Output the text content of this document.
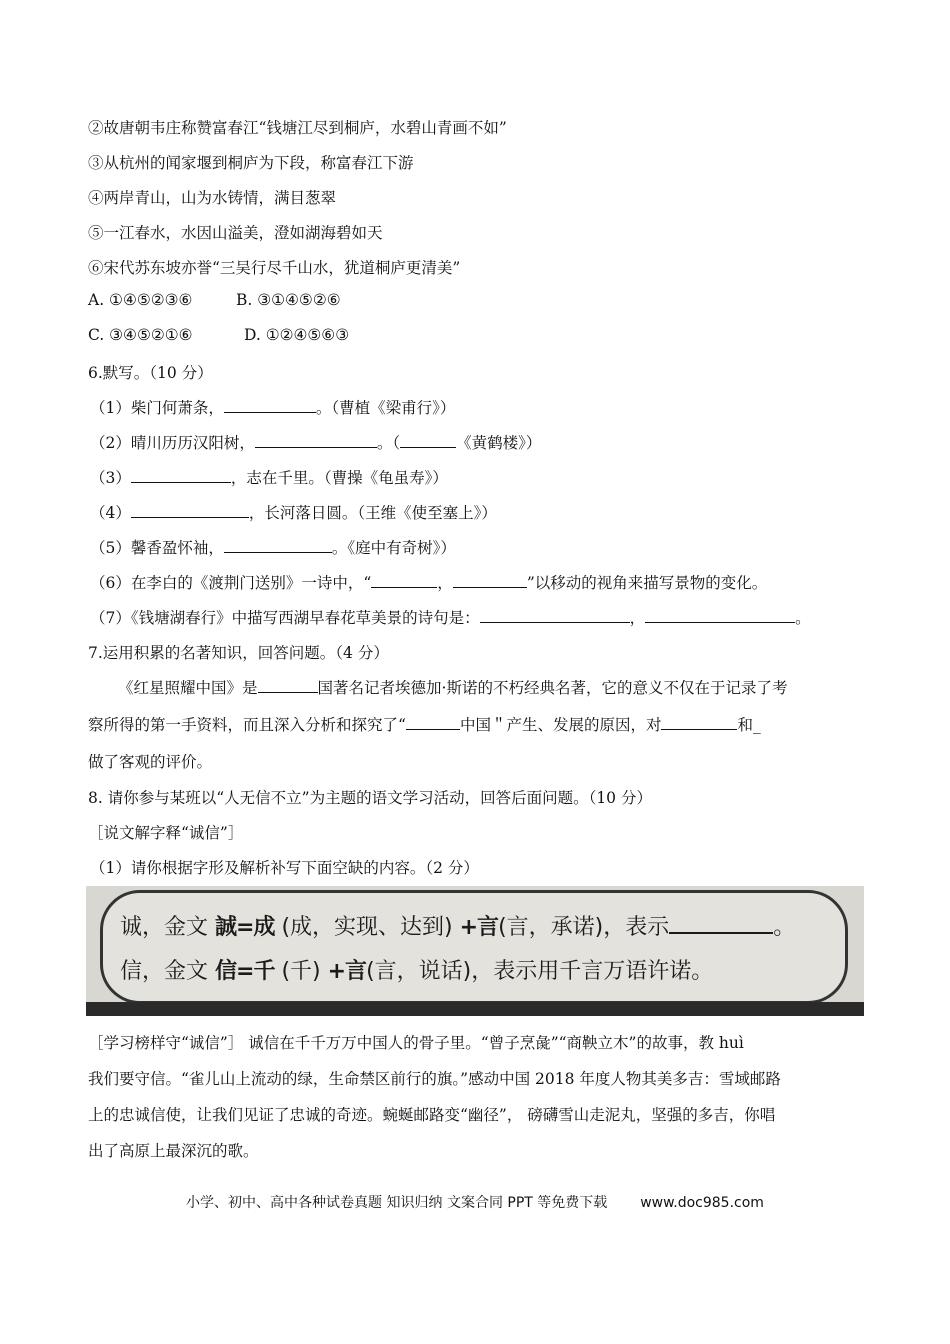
②故唐朝韦庄称赞富春江“钱塘江尽到桐庐，水碧山青画不如”
③从杭州的闻家堰到桐庐为下段，称富春江下游
④两岸青山，山为水铸情，满目葱翠
⑤一江春水，水因山溢美，澄如湖海碧如天
⑥宋代苏东坡亦誉“三吴行尽千山水，犹道桐庐更清美”
A. ①④⑤②③⑥	B. ③①④⑤②⑥
C. ③④⑤②①⑥	D. ①②④⑤⑥③
6.默写。（10 分）
（1）柴门何萧条，	。（曹植《梁甫行》）
（2）晴川历历汉阳树，	。（	《黄鹤楼》）
（3）	，志在千里。（曹操《龟虽寿》）
（4）	，长河落日圆。（王维《使至塞上》）
（5）馨香盈怀袖，	。《庭中有奇树》）
（6）在李白的《渡荆门送别》一诗中，“	，	”以移动的视角来描写景物的变化。
（7）《钱塘湖春行》中描写西湖早春花草美景的诗句是：	，	。
7.运用积累的名著知识，回答问题。（4 分）
《红星照耀中国》是	国著名记者埃德加·斯诺的不朽经典名著，它的意义不仅在于记录了考
察所得的第一手资料，而且深入分析和探究了“	中国＂产生、发展的原因，对	和_
做了客观的评价。
8. 请你参与某班以“人无信不立”为主题的语文学习活动，回答后面问题。（10 分）
［说文解字释“诚信”］
（1）请你根据字形及解析补写下面空缺的内容。（2 分）
诚，金文 誠=成 (成，实现、达到) +言(言，承诺)，表示	。
信，金文 信=千 (千) +言(言，说话)，表示用千言万语许诺。
［学习榜样守“诚信”］ 诚信在千千万万中国人的骨子里。“曾子烹彘”“商鞅立木”的故事，教 huì
我们要守信。“雀儿山上流动的绿，生命禁区前行的旗。”感动中国 2018 年度人物其美多吉：雪域邮路
上的忠诚信使，让我们见证了忠诚的奇迹。蜿蜒邮路变“幽径”， 磅礴雪山走泥丸，坚强的多吉，你唱
出了高原上最深沉的歌。
小学、初中、高中各种试卷真题 知识归纳 文案合同 PPT 等免费下载 www.doc985.com
